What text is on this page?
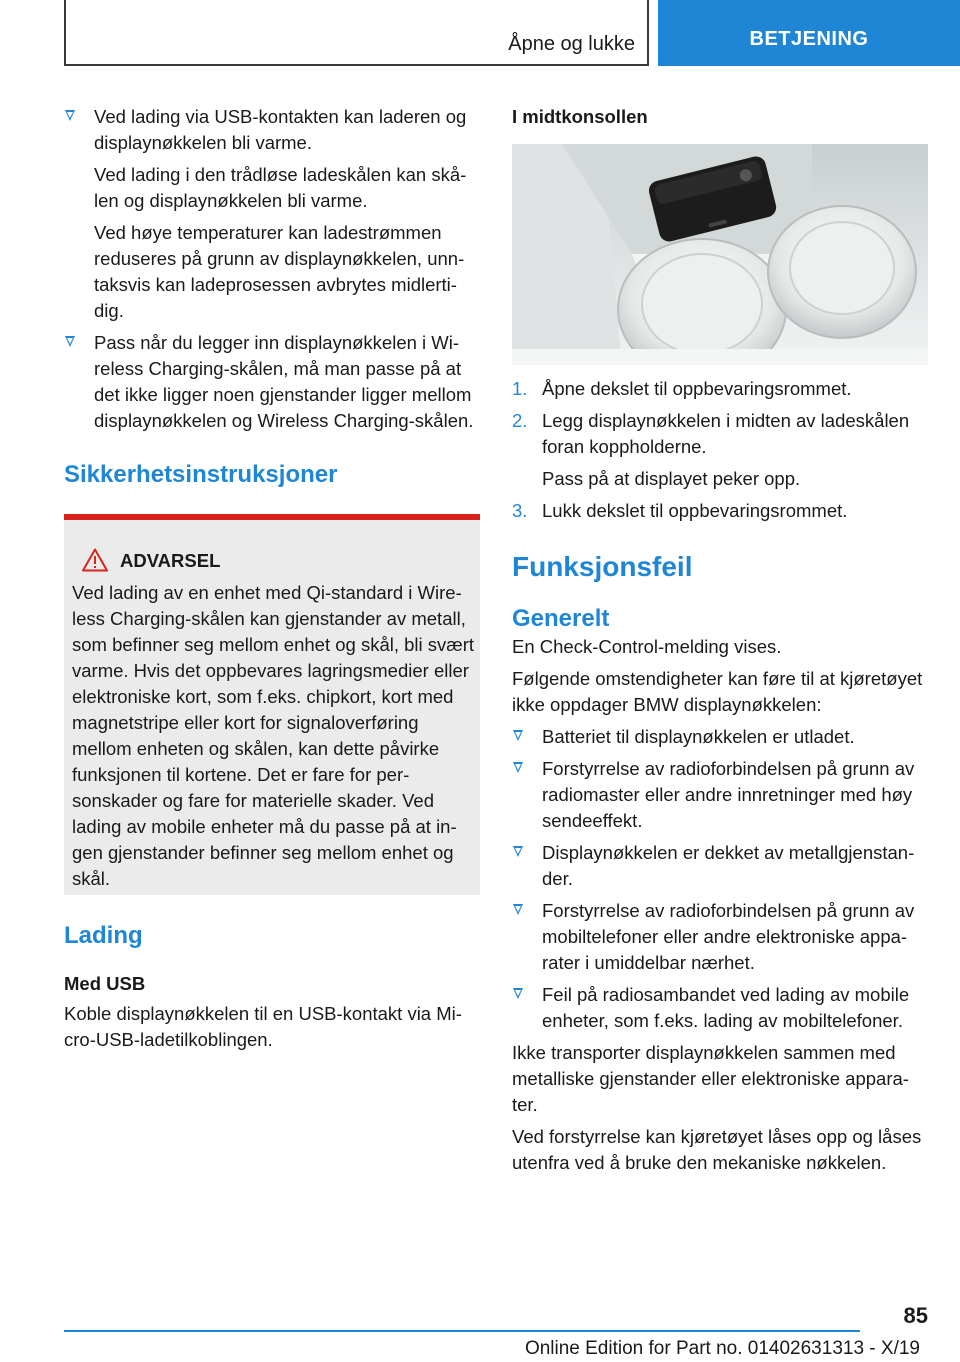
Åpne og lukke	BETJENING

Ved lading via USB-kontakten kan laderen og displaynøkkelen bli varme.

Ved lading i den trådløse ladeskålen kan skålen og displaynøkkelen bli varme.

Ved høye temperaturer kan ladestrømmen reduseres på grunn av displaynøkkelen, unntaksvis kan ladeprosessen avbrytes midlertidig.

Pass når du legger inn displaynøkkelen i Wireless Charging-skålen, må man passe på at det ikke ligger noen gjenstander ligger mellom displaynøkkelen og Wireless Charging-skålen.

Sikkerhetsinstruksjoner
ADVARSEL

Ved lading av en enhet med Qi-standard i Wireless Charging-skålen kan gjenstander av metall, som befinner seg mellom enhet og skål, bli svært varme. Hvis det oppbevares lagringsmedier eller elektroniske kort, som f.eks. chipkort, kort med magnetstripe eller kort for signaloverføring mellom enheten og skålen, kan dette påvirke funksjonen til kortene. Det er fare for personskader og fare for materielle skader. Ved lading av mobile enheter må du passe på at ingen gjenstander befinner seg mellom enhet og skål.

Lading
Med USB

Koble displaynøkkelen til en USB-kontakt via Micro-USB-ladetilkoblingen.

I midtkonsollen
1. Åpne dekslet til oppbevaringsrommet.

2. Legg displaynøkkelen i midten av ladeskålen foran koppholderne.

Pass på at displayet peker opp.

3. Lukk dekslet til oppbevaringsrommet.

Funksjonsfeil
Generelt

En Check-Control-melding vises.

Følgende omstendigheter kan føre til at kjøretøyet ikke oppdager BMW displaynøkkelen:

Batteriet til displaynøkkelen er utladet.

Forstyrrelse av radioforbindelsen på grunn av radiomaster eller andre innretninger med høy sendeeffekt.

Displaynøkkelen er dekket av metallgjenstander.

Forstyrrelse av radioforbindelsen på grunn av mobiltelefoner eller andre elektroniske apparater i umiddelbar nærhet.

Feil på radiosambandet ved lading av mobile enheter, som f.eks. lading av mobiltelefoner.

Ikke transporter displaynøkkelen sammen med metalliske gjenstander eller elektroniske apparater.

Ved forstyrrelse kan kjøretøyet låses opp og låses utenfra ved å bruke den mekaniske nøkkelen.

85
Online Edition for Part no. 01402631313 - X/19
